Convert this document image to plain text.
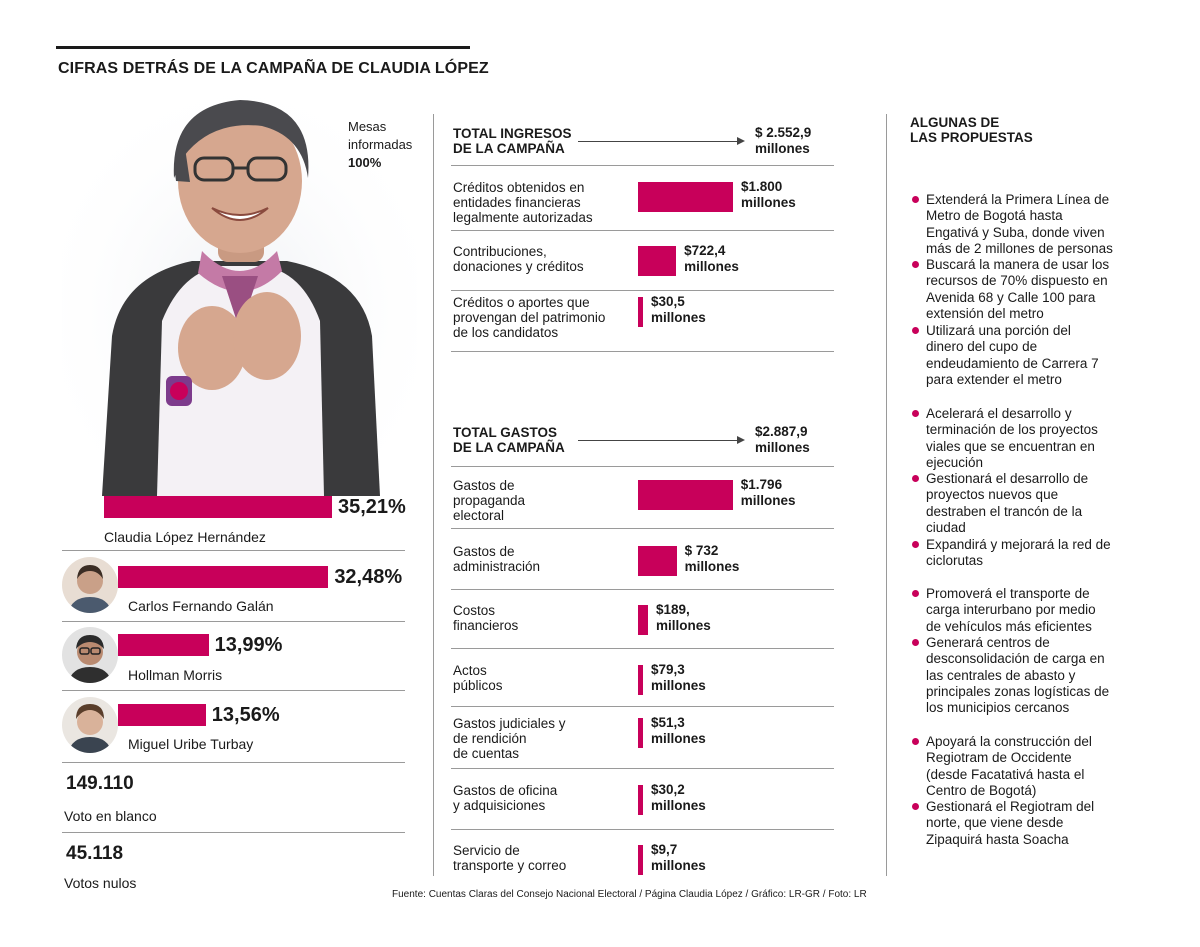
CIFRAS DETRÁS DE LA CAMPAÑA DE CLAUDIA LÓPEZ
Mesas
informadas
100%
35,21%
Claudia López Hernández
32,48%
Carlos Fernando Galán
13,99%
Hollman Morris
13,56%
Miguel Uribe Turbay
149.110
Voto en blanco
45.118
Votos nulos
TOTAL INGRESOS
DE LA CAMPAÑA
$ 2.552,9
millones
Créditos obtenidos en
entidades financieras
legalmente autorizadas
$1.800
millones
Contribuciones,
donaciones y créditos
$722,4
millones
Créditos o aportes que
provengan del patrimonio
de los candidatos
$30,5
millones
TOTAL GASTOS
DE LA CAMPAÑA
$2.887,9
millones
Gastos de
propaganda
electoral
$1.796
millones
Gastos de
administración
$ 732
millones
Costos
financieros
$189,
millones
Actos
públicos
$79,3
millones
Gastos judiciales y
de rendición
de cuentas
$51,3
millones
Gastos de oficina
y adquisiciones
$30,2
millones
Servicio de
transporte y correo
$9,7
millones
ALGUNAS DE
LAS PROPUESTAS
Extenderá la Primera Línea de
Metro de Bogotá hasta
Engativá y Suba, donde viven
más de 2 millones de personas
Buscará la manera de usar los
recursos de 70% dispuesto en
Avenida 68 y Calle 100 para
extensión del metro
Utilizará una porción del
dinero del cupo de
endeudamiento de Carrera 7
para extender el metro
Acelerará el desarrollo y
terminación de los proyectos
viales que se encuentran en
ejecución
Gestionará el desarrollo de
proyectos nuevos que
destraben el trancón de la
ciudad
Expandirá y mejorará la red de
ciclorutas
Promoverá el transporte de
carga interurbano por medio
de vehículos más eficientes
Generará centros de
desconsolidación de carga en
las centrales de abasto y
principales zonas logísticas de
los municipios cercanos
Apoyará la construcción del
Regiotram de Occidente
(desde Facatativá hasta el
Centro de Bogotá)
Gestionará el Regiotram del
norte, que viene desde
Zipaquirá hasta Soacha
Fuente: Cuentas Claras del Consejo Nacional Electoral / Página Claudia López / Gráfico: LR-GR / Foto: LR
